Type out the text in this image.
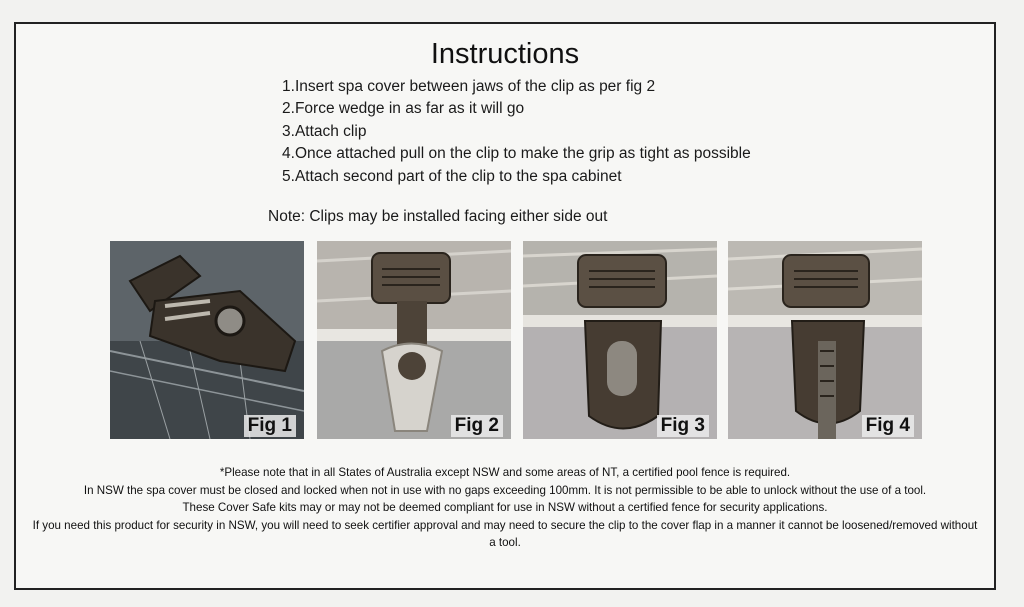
Instructions
1.Insert spa cover between jaws of the clip as per fig 2
2.Force wedge in as far as it will go
3.Attach clip
4.Once attached pull on the clip to make the grip as tight as possible
5.Attach second part of the clip to the spa cabinet
Note: Clips may be installed facing either side out
Fig 1	Fig 2	Fig 3	Fig 4

*Please note that in all States of Australia except NSW and some areas of NT, a certified pool fence is required.

In NSW the spa cover must be closed and locked when not in use with no gaps exceeding 100mm. It is not permissible to be able to unlock without the use of a tool.

These Cover Safe kits may or may not be deemed compliant for use in NSW without a certified fence for security applications.

If you need this product for security in NSW, you will need to seek certifier approval and may need to secure the clip to the cover flap in a manner it cannot be loosened/removed without a tool.
